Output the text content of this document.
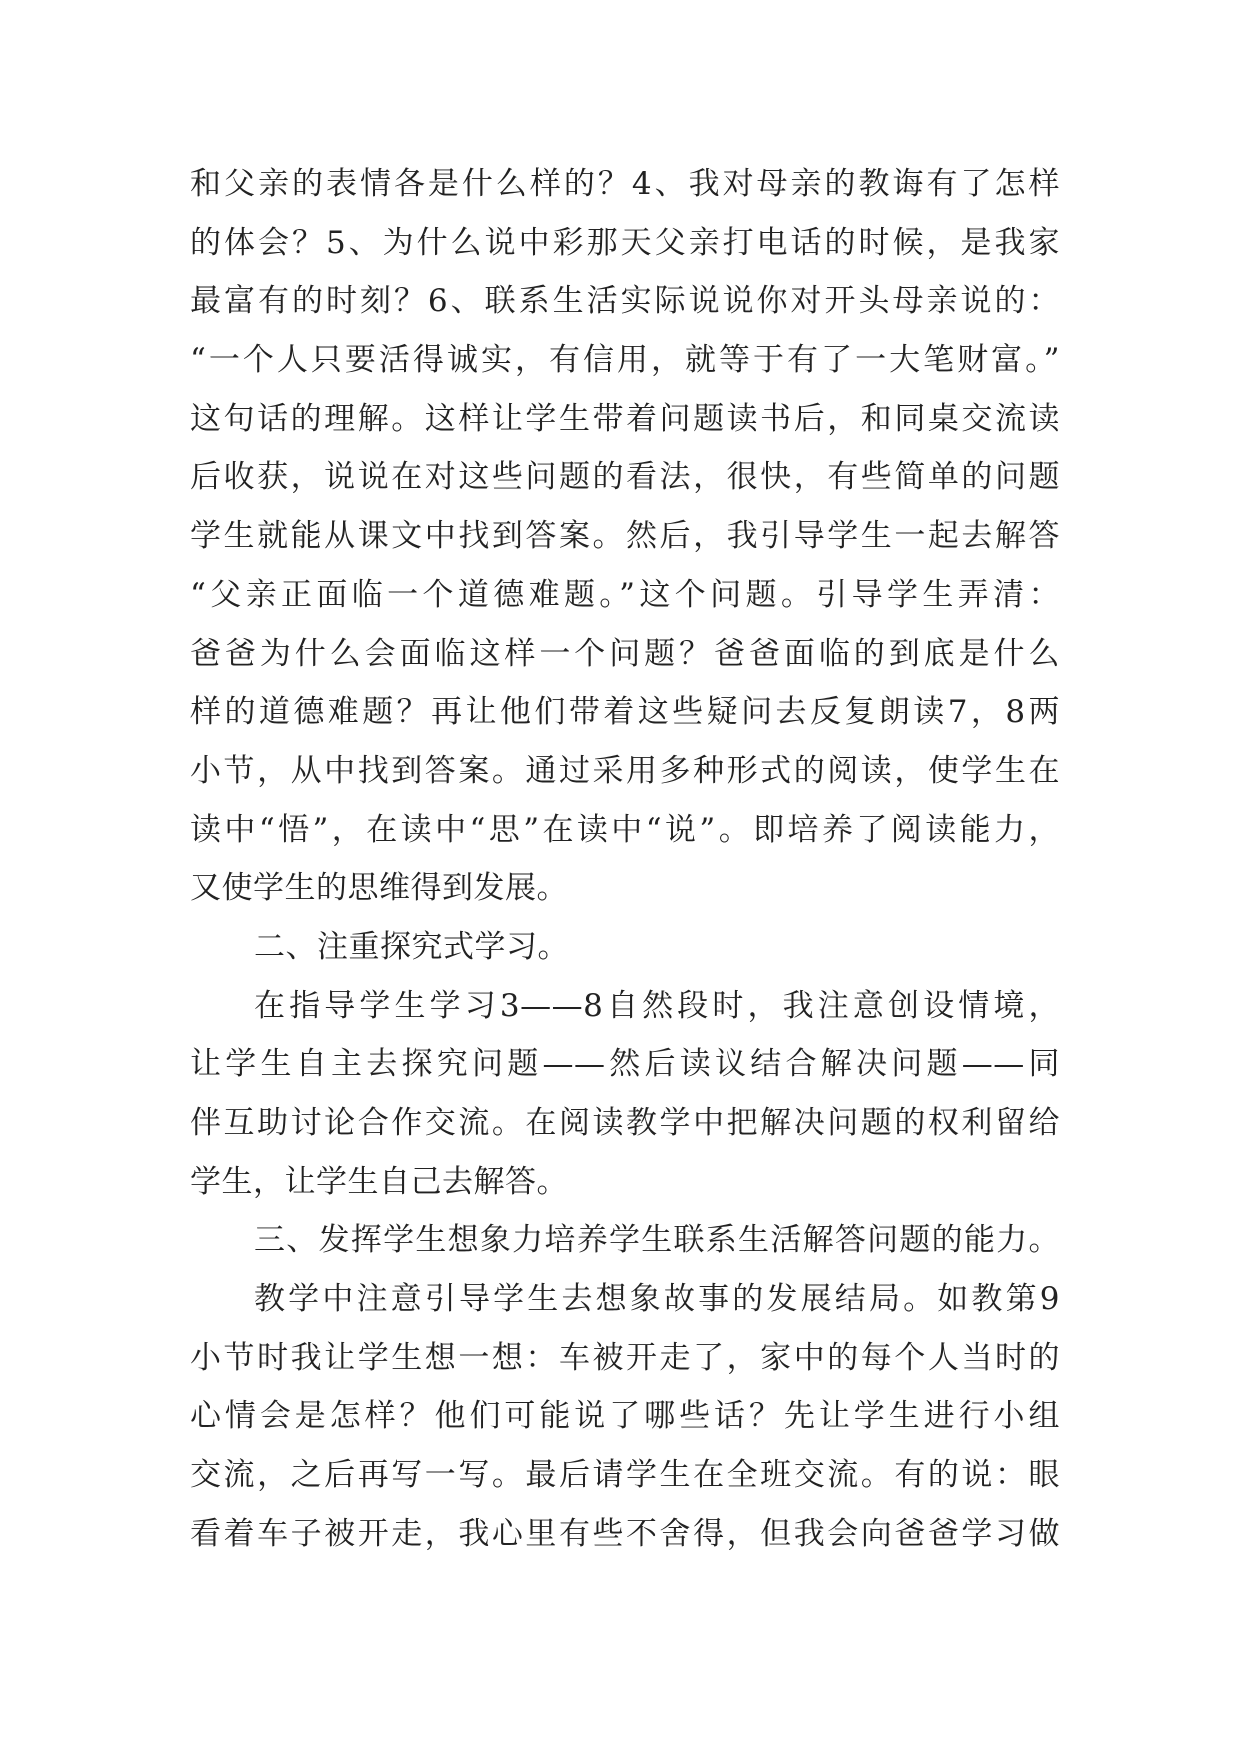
和父亲的表情各是什么样的？4、我对母亲的教诲有了怎样
的体会？5、为什么说中彩那天父亲打电话的时候，是我家
最富有的时刻？6、联系生活实际说说你对开头母亲说的：
“一个人只要活得诚实，有信用，就等于有了一大笔财富。”
这句话的理解。这样让学生带着问题读书后，和同桌交流读
后收获，说说在对这些问题的看法，很快，有些简单的问题
学生就能从课文中找到答案。然后，我引导学生一起去解答
“父亲正面临一个道德难题。”这个问题。引导学生弄清：
爸爸为什么会面临这样一个问题？爸爸面临的到底是什么
样的道德难题？再让他们带着这些疑问去反复朗读7，8两
小节，从中找到答案。通过采用多种形式的阅读，使学生在
读中“悟”，在读中“思”在读中“说”。即培养了阅读能力，
又使学生的思维得到发展。
二、注重探究式学习。
在指导学生学习3——8自然段时，我注意创设情境，
让学生自主去探究问题——然后读议结合解决问题——同
伴互助讨论合作交流。在阅读教学中把解决问题的权利留给
学生，让学生自己去解答。
三、发挥学生想象力培养学生联系生活解答问题的能力。
教学中注意引导学生去想象故事的发展结局。如教第9
小节时我让学生想一想：车被开走了，家中的每个人当时的
心情会是怎样？他们可能说了哪些话？先让学生进行小组
交流，之后再写一写。最后请学生在全班交流。有的说：眼
看着车子被开走，我心里有些不舍得，但我会向爸爸学习做
